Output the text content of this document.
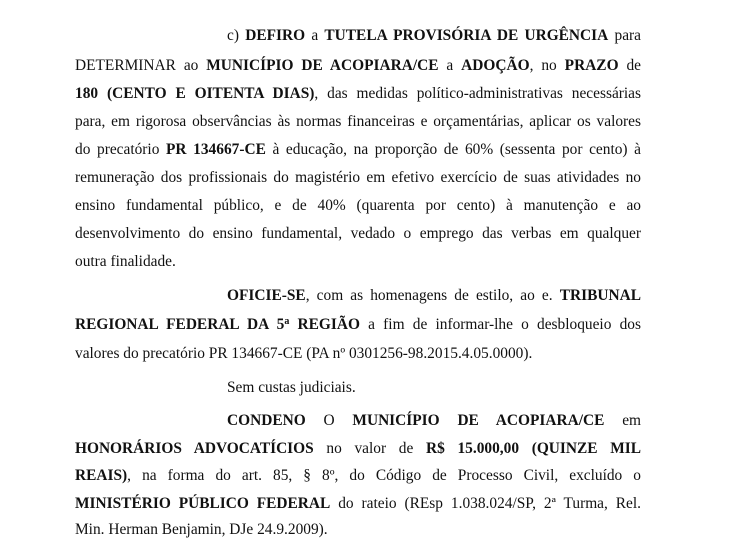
c) DEFIRO a TUTELA PROVISÓRIA DE URGÊNCIA para
DETERMINAR ao MUNICÍPIO DE ACOPIARA/CE a ADOÇÃO, no PRAZO de
180 (CENTO E OITENTA DIAS), das medidas político-administrativas necessárias
para, em rigorosa observâncias às normas financeiras e orçamentárias, aplicar os valores
do precatório PR 134667-CE à educação, na proporção de 60% (sessenta por cento) à
remuneração dos profissionais do magistério em efetivo exercício de suas atividades no
ensino fundamental público, e de 40% (quarenta por cento) à manutenção e ao
desenvolvimento do ensino fundamental, vedado o emprego das verbas em qualquer
outra finalidade.
OFICIE-SE, com as homenagens de estilo, ao e. TRIBUNAL
REGIONAL FEDERAL DA 5$^a$ REGIÃO a fim de informar-lhe o desbloqueio dos
valores do precatório PR 134667-CE (PA nº 0301256-98.2015.4.05.0000).
Sem custas judiciais.
CONDENO O MUNICÍPIO DE ACOPIARA/CE em
HONORÁRIOS ADVOCATÍCIOS no valor de R$ 15.000,00 (QUINZE MIL
REAIS), na forma do art. 85, § 8º, do Código de Processo Civil, excluído o
MINISTÉRIO PÚBLICO FEDERAL do rateio (REsp 1.038.024/SP, 2ª Turma, Rel.
Min. Herman Benjamin, DJe 24.9.2009).
